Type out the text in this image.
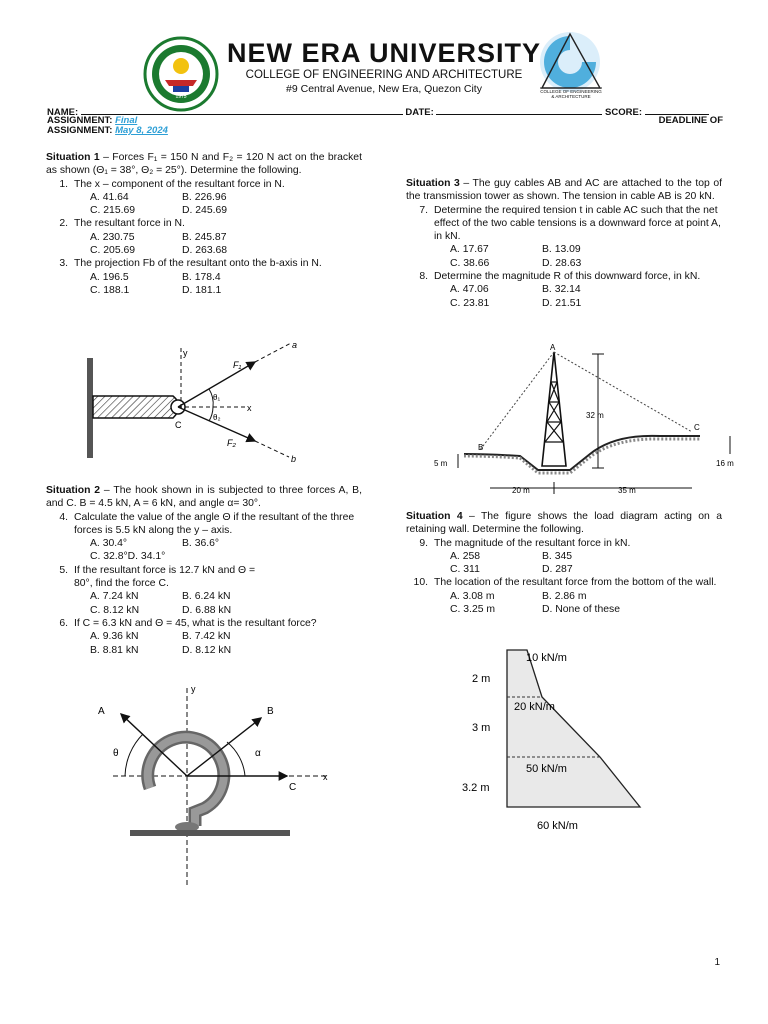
1975
COLLEGE OF ENGINEERING
& ARCHITECTURE
NEW ERA UNIVERSITY
COLLEGE OF ENGINEERING AND ARCHITECTURE
#9 Central Avenue, New Era, Quezon City
NAME:	DATE:	SCORE:
ASSIGNMENT: Final	DEADLINE OF
ASSIGNMENT: May 8, 2024

Situation 1 – Forces F₁ = 150 N and F₂ = 120 N act on the bracket as shown (Θ₁ = 38°, Θ₂ = 25°). Determine the following.

1. The x – component of the resultant force in N.
A. 41.64	B. 226.96
C. 215.69	D. 245.69
2. The resultant force in N.
A. 230.75	B. 245.87
C. 205.69	D. 263.68
3. The projection Fb of the resultant onto the b-axis in N.
A. 196.5	B. 178.4
C. 188.1	D. 181.1
y
x
a
b
F₁
F₂
θ₁
θ₂
C

Situation 2 – The hook shown in is subjected to three forces A, B, and C. B = 4.5 kN, A = 6 kN, and angle α= 30°.

4. Calculate the value of the angle Θ if the resultant of the three forces is 5.5 kN along the y – axis.
A. 30.4°	B. 36.6°
C. 32.8°D. 34.1°
5. If the resultant force is 12.7 kN and Θ = 80°, find the force C.
A. 7.24 kN	B. 6.24 kN
C. 8.12 kN	D. 6.88 kN
6. If C = 6.3 kN and Θ = 45, what is the resultant force?
A. 9.36 kN	B. 7.42 kN
B. 8.81 kN	D. 8.12 kN
y
x
A	B
C
θ	α

Situation 3 – The guy cables AB and AC are attached to the top of the transmission tower as shown. The tension in cable AB is 20 kN.

7. Determine the required tension t in cable AC such that the net effect of the two cable tensions is a downward force at point A, in kN.
A. 17.67	B. 13.09
C. 38.66	D. 28.63
8. Determine the magnitude R of this downward force, in kN.
A. 47.06	B. 32.14
C. 23.81	D. 21.51
A
B
C
32 m
20 m	35 m
5 m	16 m

Situation 4 – The figure shows the load diagram acting on a retaining wall. Determine the following.

9. The magnitude of the resultant force in kN.
A. 258	B. 345
C. 311	D. 287
10. The location of the resultant force from the bottom of the wall.
A. 3.08 m	B. 2.86 m
C. 3.25 m	D. None of these
10 kN/m
20 kN/m
50 kN/m
60 kN/m
2 m
3 m
3.2 m
1
